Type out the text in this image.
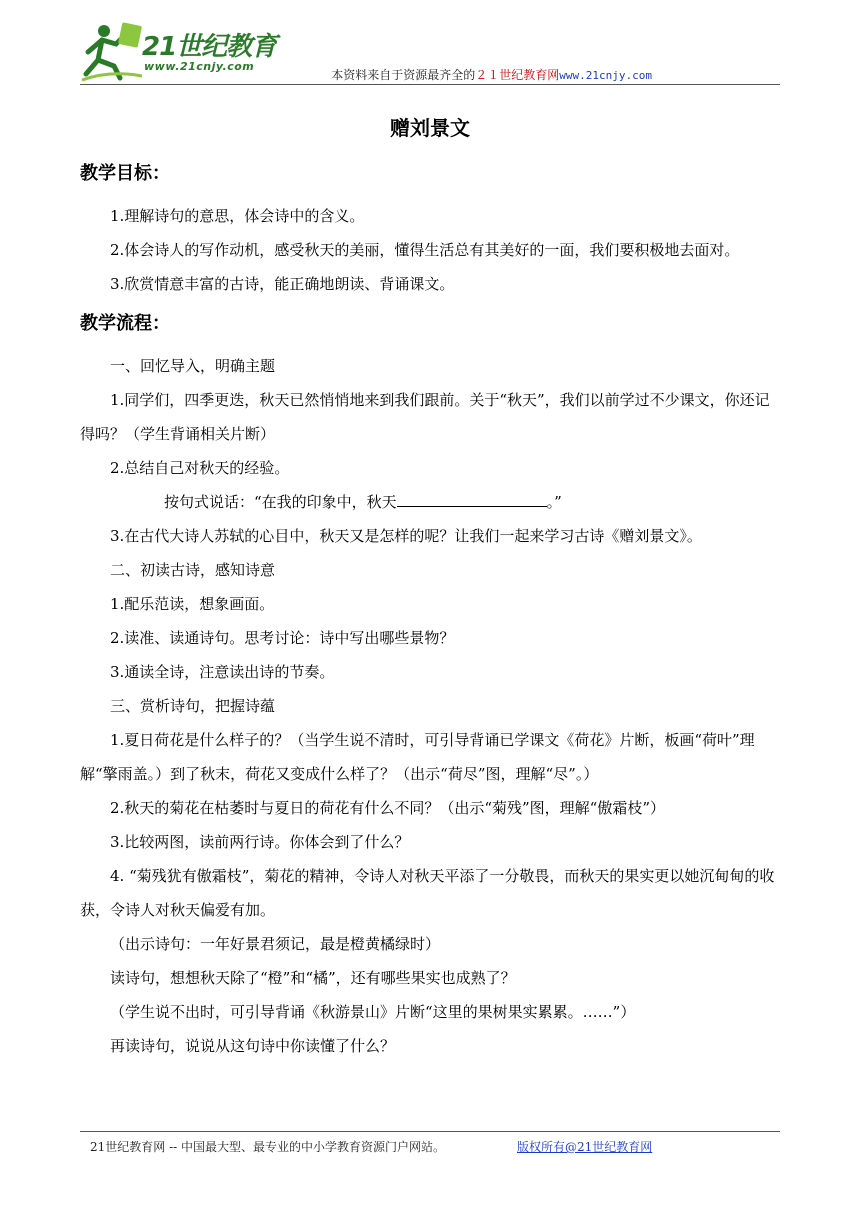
21世纪教育
www.21cnjy.com
本资料来自于资源最齐全的２１世纪教育网www.21cnjy.com
赠刘景文
教学目标：

1.理解诗句的意思，体会诗中的含义。

2.体会诗人的写作动机，感受秋天的美丽，懂得生活总有其美好的一面，我们要积极地去面对。

3.欣赏情意丰富的古诗，能正确地朗读、背诵课文。

教学流程：

一、回忆导入，明确主题

1.同学们，四季更迭，秋天已然悄悄地来到我们跟前。关于“秋天”，我们以前学过不少课文，你还记得吗？（学生背诵相关片断）

2.总结自己对秋天的经验。

按句式说话：“在我的印象中，秋天	。”

3.在古代大诗人苏轼的心目中，秋天又是怎样的呢？让我们一起来学习古诗《赠刘景文》。

二、初读古诗，感知诗意

1.配乐范读，想象画面。

2.读准、读通诗句。思考讨论：诗中写出哪些景物？

3.通读全诗，注意读出诗的节奏。

三、赏析诗句，把握诗蕴

1.夏日荷花是什么样子的？（当学生说不清时，可引导背诵已学课文《荷花》片断，板画“荷叶”理解“擎雨盖。）到了秋末，荷花又变成什么样了？（出示“荷尽”图，理解“尽”。）

2.秋天的菊花在枯萎时与夏日的荷花有什么不同？（出示“菊残”图，理解“傲霜枝”）

3.比较两图，读前两行诗。你体会到了什么？

4. “菊残犹有傲霜枝”，菊花的精神，令诗人对秋天平添了一分敬畏，而秋天的果实更以她沉甸甸的收获，令诗人对秋天偏爱有加。

（出示诗句：一年好景君须记，最是橙黄橘绿时）

读诗句，想想秋天除了“橙”和“橘”，还有哪些果实也成熟了？

（学生说不出时，可引导背诵《秋游景山》片断“这里的果树果实累累。……”）

再读诗句，说说从这句诗中你读懂了什么？

21世纪教育网 -- 中国最大型、最专业的中小学教育资源门户网站。	版权所有@21世纪教育网
